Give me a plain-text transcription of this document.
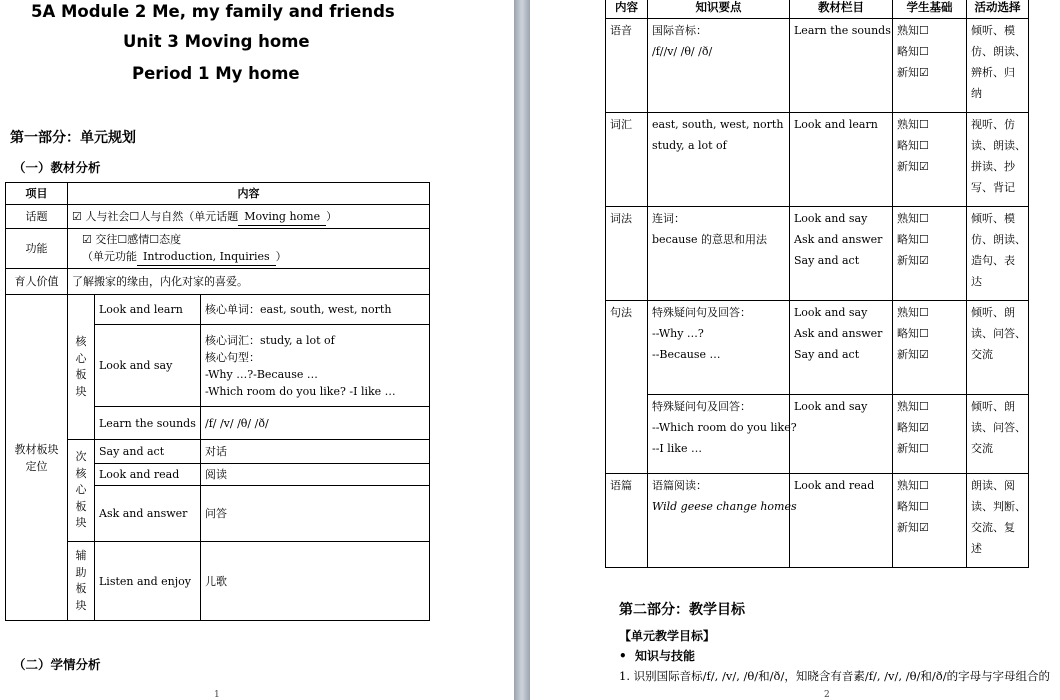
5A Module 2 Me, my family and friends
Unit 3 Moving home
Period 1 My home
第一部分：单元规划
（一）教材分析
项目	内容		
话题	☑ 人与社会☐人与自然（单元话题 Moving home ）		
功能	☑ 交往☐感情☐态度
（单元功能 Introduction, Inquiries ）		

育人价值	了解搬家的缘由，内化对家的喜爱。		

教材板块定位	核心板块	Look and learn	核心单词：east, south, west, north
		Look and say	核心词汇：study, a lot of
核心句型：
-Why …?-Because …
-Which room do you like? -I like …

		Learn the sounds	/f/ /v/ /θ/ /ð/

	次核心板块	Say and act	对话
		Look and read	阅读
		Ask and answer	问答

	辅助板块	Listen and enjoy	儿歌
（二）学情分析
1
内容	知识要点	教材栏目	学生基础	活动选择
语音	国际音标：
/f//v/ /θ/ /ð/	Learn the sounds	熟知☐
略知☐
新知☑	倾听、模
仿、朗读、
辨析、归
纳

词汇	east, south, west, north
study, a lot of	Look and learn	熟知☐
略知☐
新知☑	视听、仿
读、朗读、
拼读、抄
写、背记

词法	连词：
because 的意思和用法	Look and say
Ask and answer
Say and act	熟知☐
略知☐
新知☑	倾听、模
仿、朗读、
造句、表
达

句法	特殊疑问句及回答：
--Why …?
--Because …	Look and say
Ask and answer
Say and act	熟知☐
略知☐
新知☑	倾听、朗
读、问答、
交流

	特殊疑问句及回答：
--Which room do you like?
--I like …	Look and say	熟知☐
略知☑
新知☐	倾听、朗
读、问答、
交流

语篇	语篇阅读：
Wild geese change homes	Look and read	熟知☐
略知☐
新知☑	朗读、阅
读、判断、
交流、复
述
第二部分：教学目标
【单元教学目标】
•  知识与技能
1. 识别国际音标/f/, /v/, /θ/和/ð/，知晓含有音素/f/, /v/, /θ/和/ð/的字母与字母组合的
2
